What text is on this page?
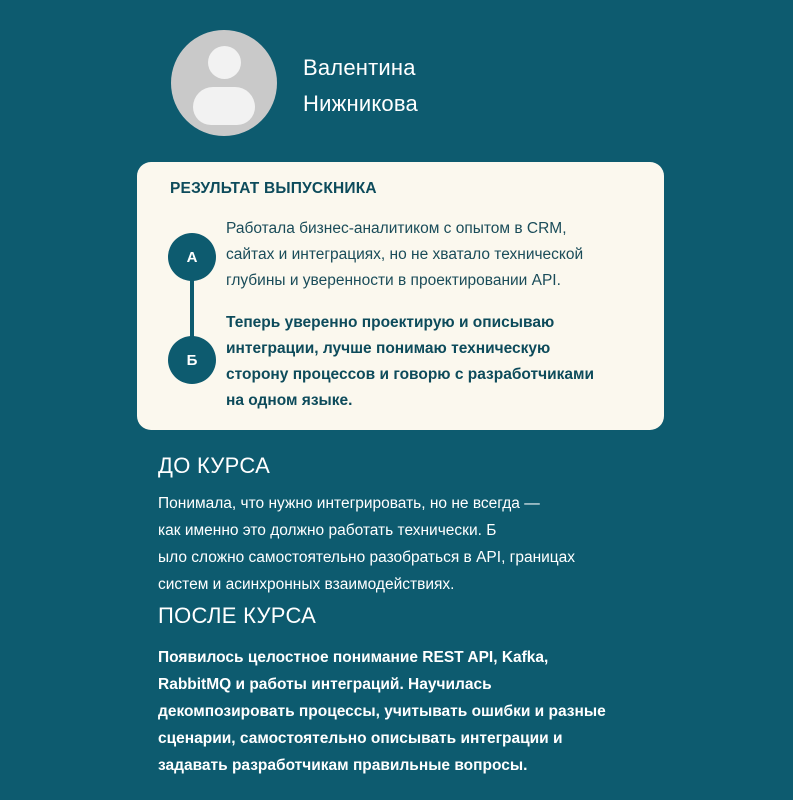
Валентина
Нижникова
РЕЗУЛЬТАТ ВЫПУСКНИКА
А
Б
Работала бизнес-аналитиком с опытом в CRM,
сайтах и интеграциях, но не хватало технической
глубины и уверенности в проектировании API.
Теперь уверенно проектирую и описываю
интеграции, лучше понимаю техническую
сторону процессов и говорю с разработчиками
на одном языке.
ДО КУРСА
Понимала, что нужно интегрировать, но не всегда —
как именно это должно работать технически. Б
ыло сложно самостоятельно разобраться в API, границах
систем и асинхронных взаимодействиях.
ПОСЛЕ КУРСА
Появилось целостное понимание REST API, Kafka,
RabbitMQ и работы интеграций. Научилась
декомпозировать процессы, учитывать ошибки и разные
сценарии, самостоятельно описывать интеграции и
задавать разработчикам правильные вопросы.
